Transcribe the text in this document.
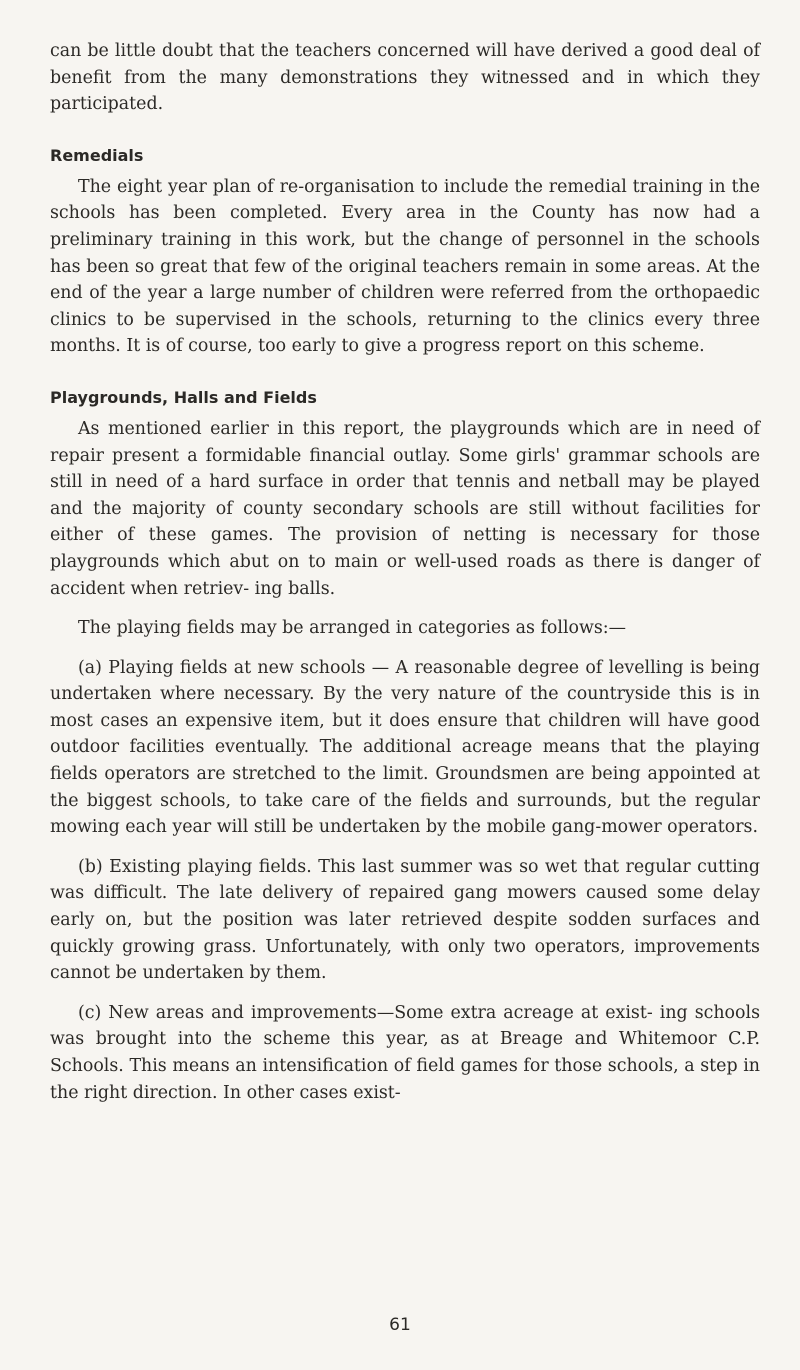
can be little doubt that the teachers concerned will have derived a good deal of benefit from the many demonstrations they witnessed and in which they participated.

Remedials

The eight year plan of re-organisation to include the remedial training in the schools has been completed. Every area in the County has now had a preliminary training in this work, but the change of personnel in the schools has been so great that few of the original teachers remain in some areas. At the end of the year a large number of children were referred from the orthopaedic clinics to be supervised in the schools, returning to the clinics every three months. It is of course, too early to give a progress report on this scheme.

Playgrounds, Halls and Fields

As mentioned earlier in this report, the playgrounds which are in need of repair present a formidable financial outlay. Some girls' grammar schools are still in need of a hard surface in order that tennis and netball may be played and the majority of county secondary schools are still without facilities for either of these games. The provision of netting is necessary for those playgrounds which abut on to main or well-used roads as there is danger of accident when retriev- ing balls.

The playing fields may be arranged in categories as follows:—

(a) Playing fields at new schools — A reasonable degree of levelling is being undertaken where necessary. By the very nature of the countryside this is in most cases an expensive item, but it does ensure that children will have good outdoor facilities eventually. The additional acreage means that the playing fields operators are stretched to the limit. Groundsmen are being appointed at the biggest schools, to take care of the fields and surrounds, but the regular mowing each year will still be undertaken by the mobile gang-mower operators.

(b) Existing playing fields. This last summer was so wet that regular cutting was difficult. The late delivery of repaired gang mowers caused some delay early on, but the position was later retrieved despite sodden surfaces and quickly growing grass. Unfortunately, with only two operators, improvements cannot be undertaken by them.

(c) New areas and improvements—Some extra acreage at exist- ing schools was brought into the scheme this year, as at Breage and Whitemoor C.P. Schools. This means an intensification of field games for those schools, a step in the right direction. In other cases exist-

61
